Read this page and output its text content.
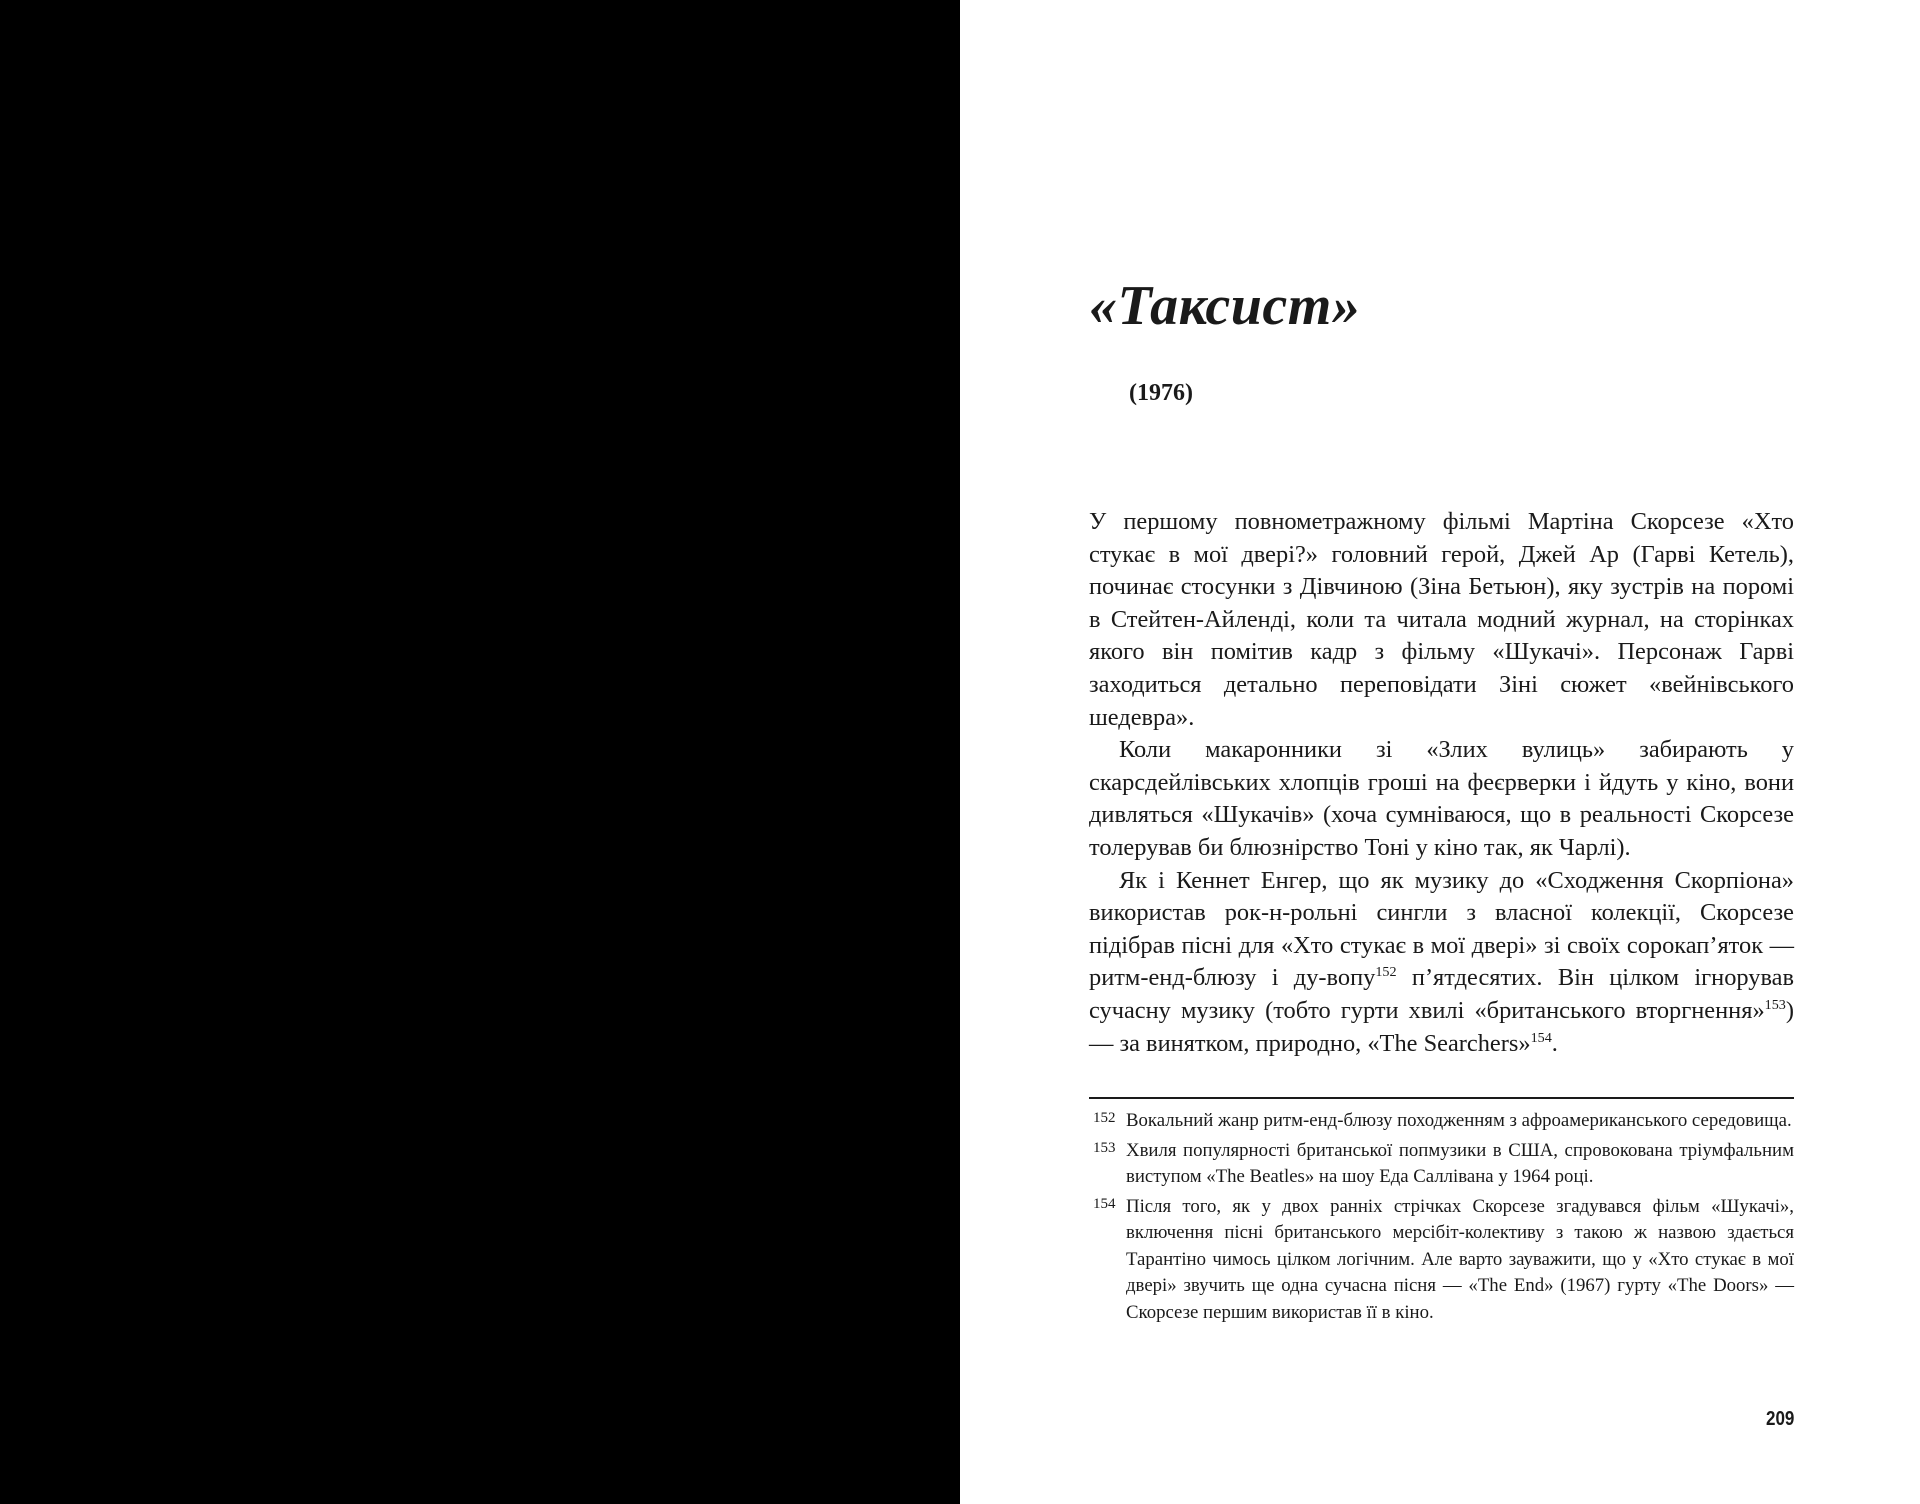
«Таксист»
(1976)

У першому повнометражному фільмі Мартіна Скорсезе «Хто стукає в мої двері?» головний герой, Джей Ар (Гарві Кетель), починає стосунки з Дівчиною (Зіна Бетьюн), яку зустрів на поромі в Стейтен-Айленді, коли та читала модний журнал, на сторінках якого він помітив кадр з фільму «Шукачі». Персонаж Гарві заходиться детально переповідати Зіні сюжет «вейнівського шедевра».

Коли макаронники зі «Злих вулиць» забирають у скарсдейлівських хлопців гроші на феєрверки і йдуть у кіно, вони дивляться «Шукачів» (хоча сумніваюся, що в реальності Скорсезе толерував би блюзнірство Тоні у кіно так, як Чарлі).

Як і Кеннет Енгер, що як музику до «Сходження Скорпіона» використав рок-н-рольні сингли з власної колекції, Скорсезе підібрав пісні для «Хто стукає в мої двері» зі своїх сорокап’яток — ритм-енд-блюзу і ду-вопу$^{152}$ п’ятдесятих. Він цілком ігнорував сучасну музику (тобто гурти хвилі «британського вторгнення»$^{153}$) — за винятком, природно, «The Searchers»$^{154}$.

152 Вокальний жанр ритм-енд-блюзу походженням з афроамериканського середовища.
153 Хвиля популярності британської попмузики в США, спровокована тріумфальним виступом «The Beatles» на шоу Еда Салліванa у 1964 році.
154 Після того, як у двох ранніх стрічках Скорсезе згадувався фільм «Шукачі», включення пісні британського мерсібіт-колективу з такою ж назвою здається Тарантіно чимось цілком логічним. Але варто зауважити, що у «Хто стукає в мої двері» звучить ще одна сучасна пісня — «The End» (1967) гурту «The Doors» — Скорсезе першим використав її в кіно.
209
